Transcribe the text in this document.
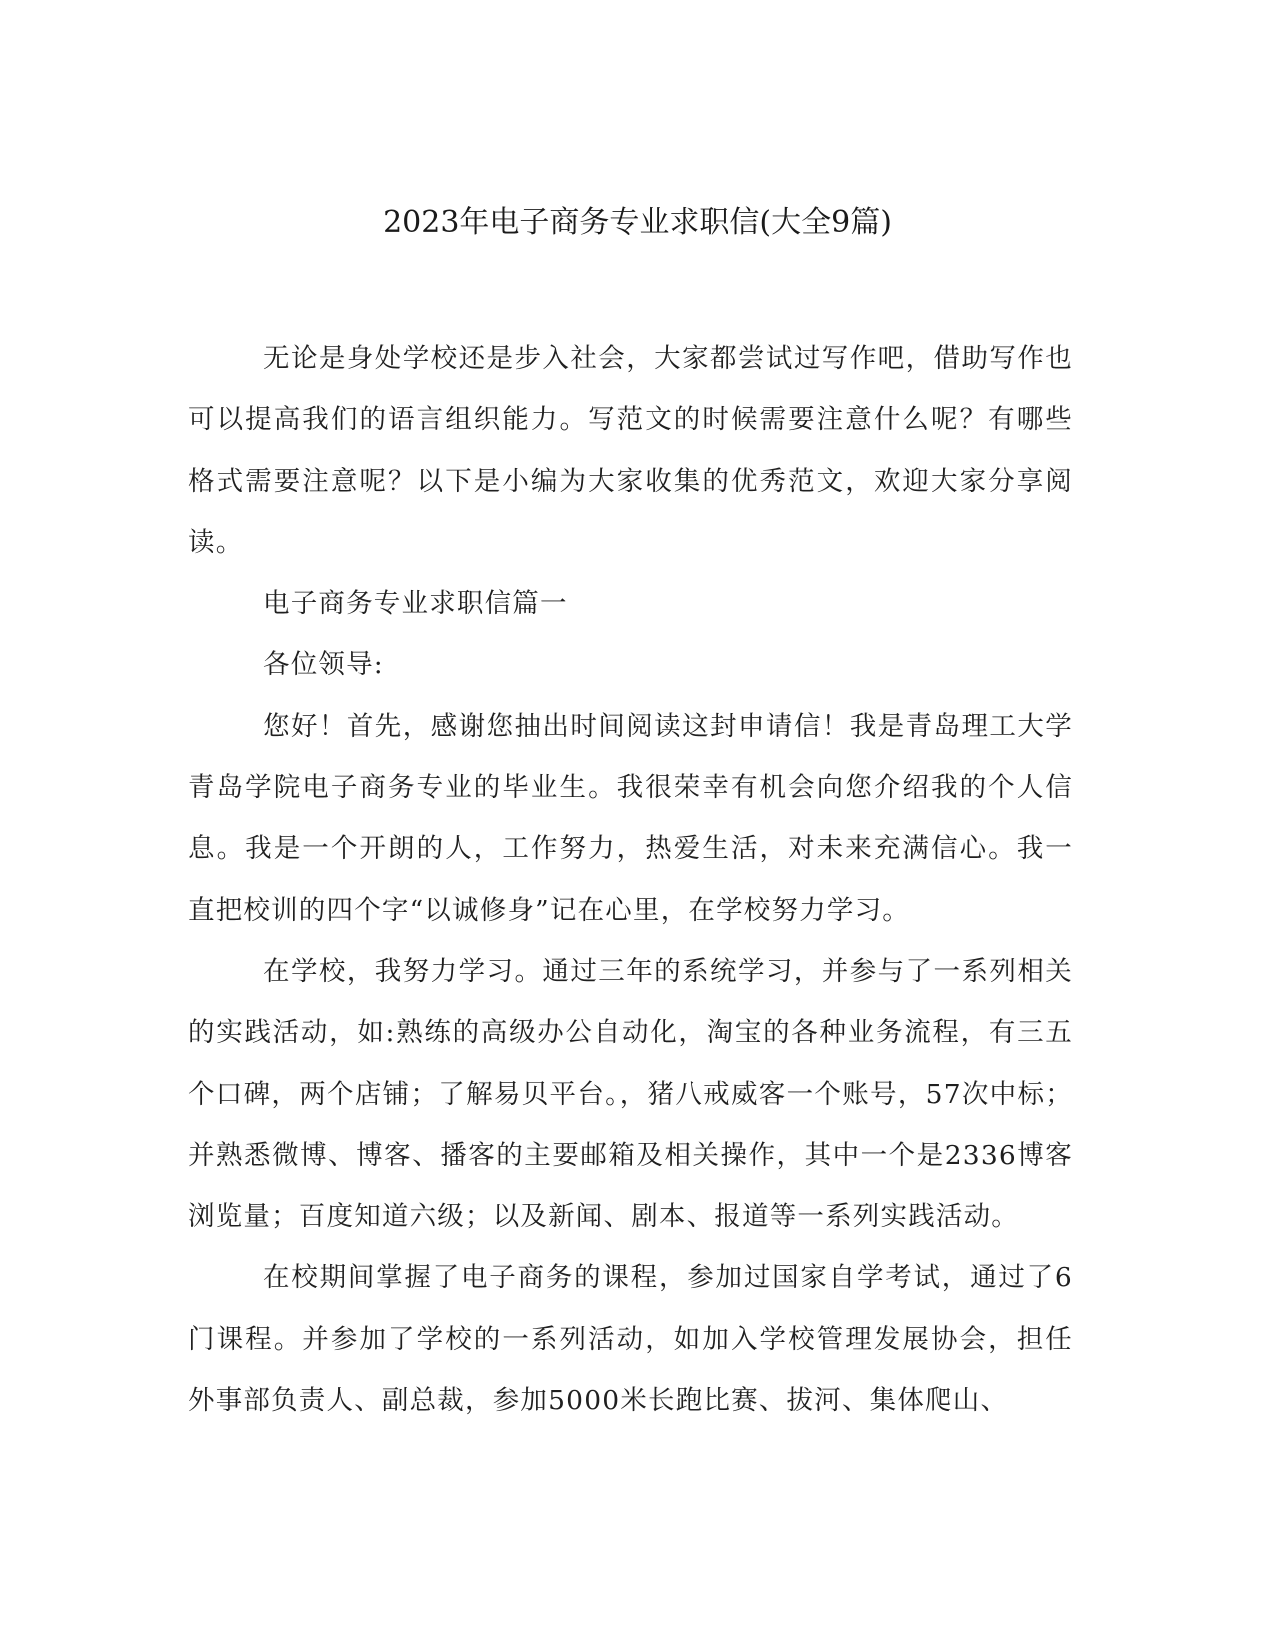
2023年电子商务专业求职信(大全9篇)

无论是身处学校还是步入社会，大家都尝试过写作吧，借助写作也可以提高我们的语言组织能力。写范文的时候需要注意什么呢？有哪些格式需要注意呢？以下是小编为大家收集的优秀范文，欢迎大家分享阅读。

电子商务专业求职信篇一

各位领导:

您好！首先，感谢您抽出时间阅读这封申请信！我是青岛理工大学青岛学院电子商务专业的毕业生。我很荣幸有机会向您介绍我的个人信息。我是一个开朗的人，工作努力，热爱生活，对未来充满信心。我一直把校训的四个字“以诚修身”记在心里，在学校努力学习。

在学校，我努力学习。通过三年的系统学习，并参与了一系列相关的实践活动，如:熟练的高级办公自动化，淘宝的各种业务流程，有三五个口碑，两个店铺；了解易贝平台。，猪八戒威客一个账号，57次中标；并熟悉微博、博客、播客的主要邮箱及相关操作，其中一个是2336博客浏览量；百度知道六级；以及新闻、剧本、报道等一系列实践活动。

在校期间掌握了电子商务的课程，参加过国家自学考试，通过了6门课程。并参加了学校的一系列活动，如加入学校管理发展协会，担任外事部负责人、副总裁，参加5000米长跑比赛、拔河、集体爬山、
